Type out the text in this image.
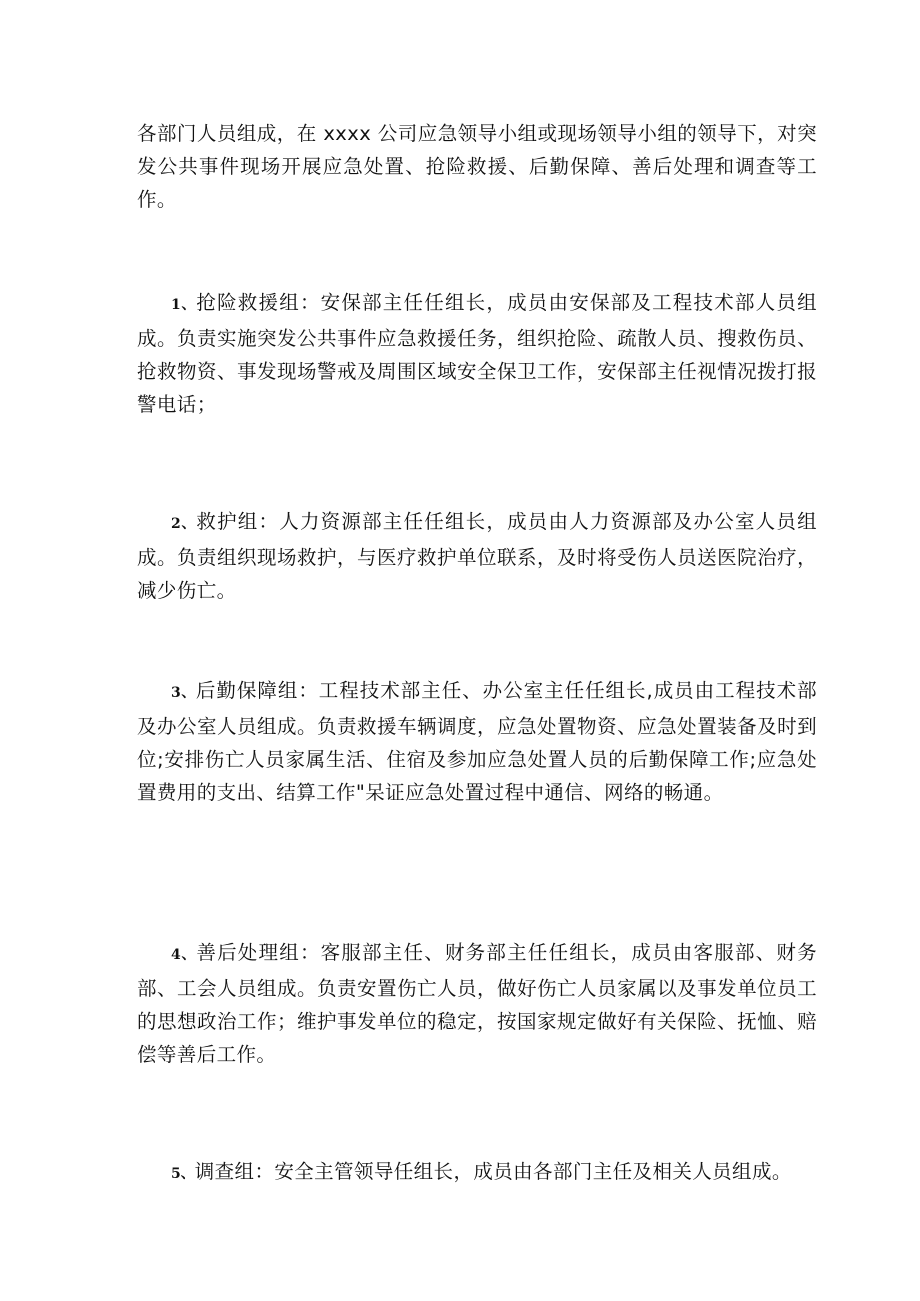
各部门人员组成，在 xxxx 公司应急领导小组或现场领导小组的领导下，对突发公共事件现场开展应急处置、抢险救援、后勤保障、善后处理和调查等工作。

1、抢险救援组：安保部主任任组长，成员由安保部及工程技术部人员组成。负责实施突发公共事件应急救援任务，组织抢险、疏散人员、搜救伤员、抢救物资、事发现场警戒及周围区域安全保卫工作，安保部主任视情况拨打报警电话；

2、救护组：人力资源部主任任组长，成员由人力资源部及办公室人员组成。负责组织现场救护，与医疗救护单位联系，及时将受伤人员送医院治疗，减少伤亡。

3、后勤保障组：工程技术部主任、办公室主任任组长,成员由工程技术部及办公室人员组成。负责救援车辆调度，应急处置物资、应急处置装备及时到位;安排伤亡人员家属生活、住宿及参加应急处置人员的后勤保障工作;应急处置费用的支出、结算工作"呆证应急处置过程中通信、网络的畅通。

4、善后处理组：客服部主任、财务部主任任组长，成员由客服部、财务部、工会人员组成。负责安置伤亡人员，做好伤亡人员家属以及事发单位员工的思想政治工作；维护事发单位的稳定，按国家规定做好有关保险、抚恤、赔偿等善后工作。

5、调查组：安全主管领导任组长，成员由各部门主任及相关人员组成。
